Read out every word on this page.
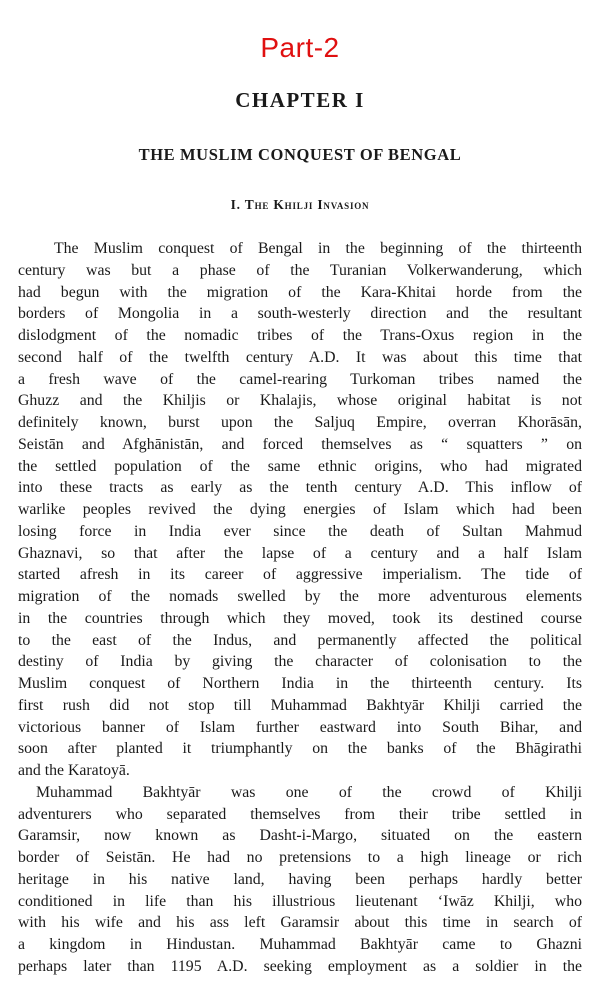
Part-2
CHAPTER I
THE MUSLIM CONQUEST OF BENGAL
I. The Khilji Invasion
The Muslim conquest of Bengal in the beginning of the thirteenth
century was but a phase of the Turanian Volkerwanderung, which
had begun with the migration of the Kara-Khitai horde from the
borders of Mongolia in a south-westerly direction and the resultant
dislodgment of the nomadic tribes of the Trans-Oxus region in the
second half of the twelfth century A.D. It was about this time that
a fresh wave of the camel-rearing Turkoman tribes named the
Ghuzz and the Khiljis or Khalajis, whose original habitat is not
definitely known, burst upon the Saljuq Empire, overran Khorāsān,
Seistān and Afghānistān, and forced themselves as “ squatters ” on
the settled population of the same ethnic origins, who had migrated
into these tracts as early as the tenth century A.D. This inflow of
warlike peoples revived the dying energies of Islam which had been
losing force in India ever since the death of Sultan Mahmud
Ghaznavi, so that after the lapse of a century and a half Islam
started afresh in its career of aggressive imperialism. The tide of
migration of the nomads swelled by the more adventurous elements
in the countries through which they moved, took its destined course
to the east of the Indus, and permanently affected the political
destiny of India by giving the character of colonisation to the
Muslim conquest of Northern India in the thirteenth century. Its
first rush did not stop till Muhammad Bakhtyār Khilji carried the
victorious banner of Islam further eastward into South Bihar, and
soon after planted it triumphantly on the banks of the Bhāgirathi
and the Karatoyā.
Muhammad Bakhtyār was one of the crowd of Khilji
adventurers who separated themselves from their tribe settled in
Garamsir, now known as Dasht-i-Margo, situated on the eastern
border of Seistān. He had no pretensions to a high lineage or rich
heritage in his native land, having been perhaps hardly better
conditioned in life than his illustrious lieutenant ‘Iwāz Khilji, who
with his wife and his ass left Garamsir about this time in search of
a kingdom in Hindustan. Muhammad Bakhtyār came to Ghazni
perhaps later than 1195 A.D. seeking employment as a soldier in the
